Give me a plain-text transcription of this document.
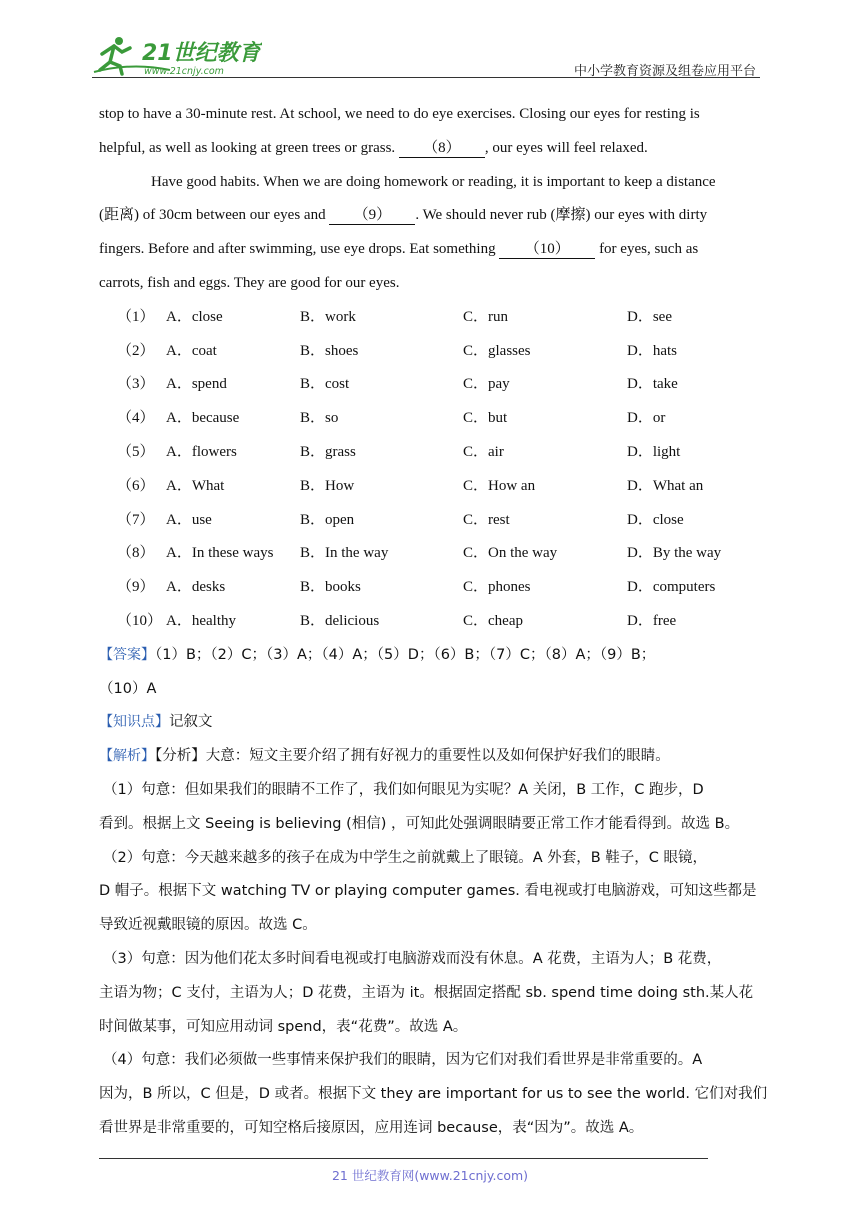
21世纪教育
www.21cnjy.com	中小学教育资源及组卷应用平台
stop to have a 30-minute rest. At school, we need to do eye exercises. Closing our eyes for resting is
helpful, as well as looking at green trees or grass. （8） , our eyes will feel relaxed.
Have good habits. When we are doing homework or reading, it is important to keep a distance
(距离) of 30cm between our eyes and （9） . We should never rub (摩擦) our eyes with dirty
fingers. Before and after swimming, use eye drops. Eat something （10） for eyes, such as
carrots, fish and eggs. They are good for our eyes.
（1） A．close	B．work	C．run	D．see
（2） A．coat	B．shoes	C．glasses	D．hats
（3） A．spend	B．cost	C．pay	D．take
（4） A．because	B．so	C．but	D．or
（5） A．flowers	B．grass	C．air	D．light
（6） A．What	B．How	C．How an	D．What an
（7） A．use	B．open	C．rest	D．close
（8） A．In these ways B．In the way	C．On the way	D．By the way
（9） A．desks	B．books	C．phones	D．computers
（10） A．healthy	B．delicious	C．cheap	D．free
【答案】（1）B；（2）C；（3）A；（4）A；（5）D；（6）B；（7）C；（8）A；（9）B；
（10）A
【知识点】记叙文
【解析】【分析】大意：短文主要介绍了拥有好视力的重要性以及如何保护好我们的眼睛。
（1）句意：但如果我们的眼睛不工作了，我们如何眼见为实呢？A 关闭，B 工作，C 跑步，D
看到。根据上文 Seeing is believing (相信) ，可知此处强调眼睛要正常工作才能看得到。故选 B。
（2）句意：今天越来越多的孩子在成为中学生之前就戴上了眼镜。A 外套，B 鞋子，C 眼镜，
D 帽子。根据下文 watching TV or playing computer games. 看电视或打电脑游戏，可知这些都是
导致近视戴眼镜的原因。故选 C。
（3）句意：因为他们花太多时间看电视或打电脑游戏而没有休息。A 花费，主语为人；B 花费，
主语为物；C 支付，主语为人；D 花费，主语为 it。根据固定搭配 sb. spend time doing sth.某人花
时间做某事，可知应用动词 spend，表“花费”。故选 A。
（4）句意：我们必须做一些事情来保护我们的眼睛，因为它们对我们看世界是非常重要的。A
因为，B 所以，C 但是，D 或者。根据下文 they are important for us to see the world. 它们对我们
看世界是非常重要的，可知空格后接原因，应用连词 because，表“因为”。故选 A。
21 世纪教育网(www.21cnjy.com)
